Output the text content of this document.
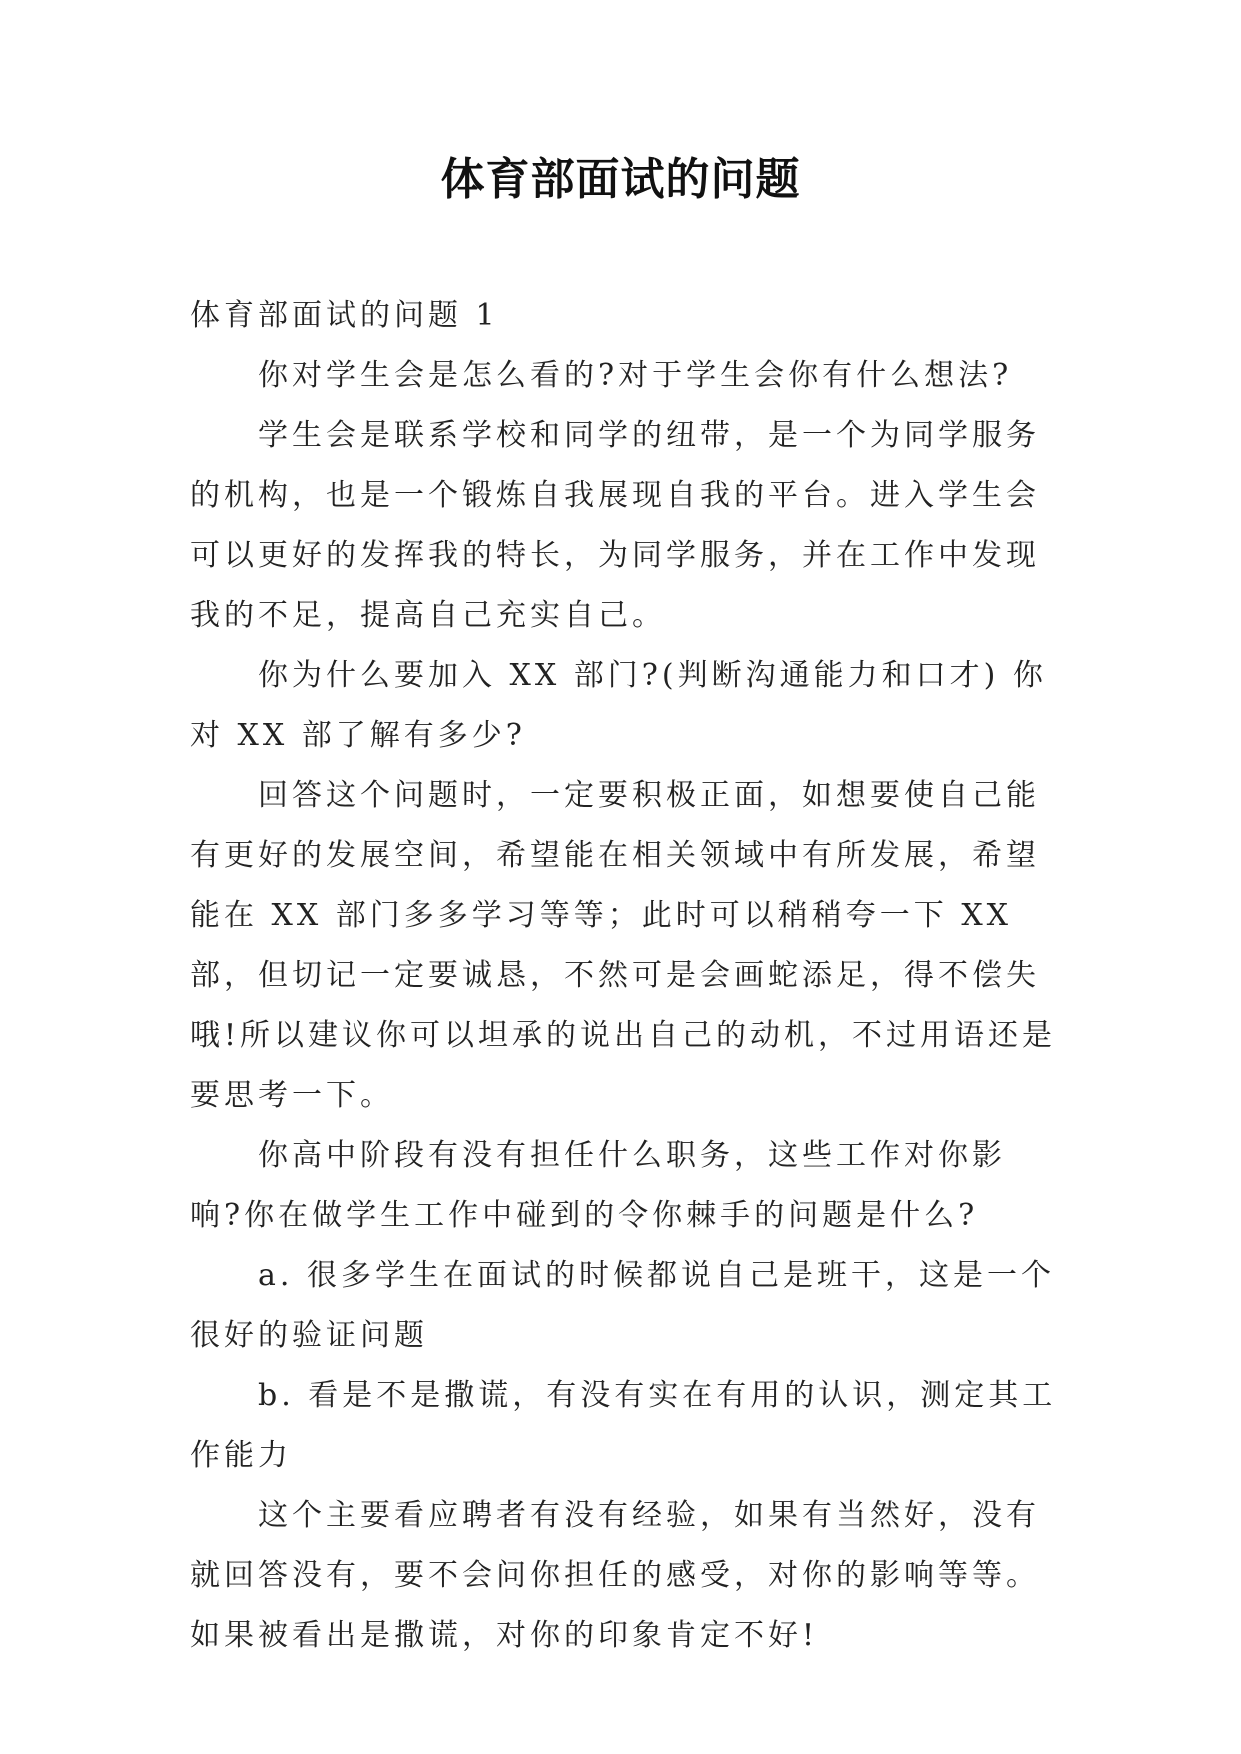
体育部面试的问题

体育部面试的问题 1

你对学生会是怎么看的?对于学生会你有什么想法?

学生会是联系学校和同学的纽带，是一个为同学服务的机构，也是一个锻炼自我展现自我的平台。进入学生会可以更好的发挥我的特长，为同学服务，并在工作中发现我的不足，提高自己充实自己。

你为什么要加入 XX 部门?(判断沟通能力和口才) 你对 XX 部了解有多少?

回答这个问题时，一定要积极正面，如想要使自己能有更好的发展空间，希望能在相关领域中有所发展，希望能在 XX 部门多多学习等等；此时可以稍稍夸一下 XX 部，但切记一定要诚恳，不然可是会画蛇添足，得不偿失哦!所以建议你可以坦承的说出自己的动机，不过用语还是要思考一下。

你高中阶段有没有担任什么职务，这些工作对你影响?你在做学生工作中碰到的令你棘手的问题是什么?

a. 很多学生在面试的时候都说自己是班干，这是一个很好的验证问题

b. 看是不是撒谎，有没有实在有用的认识，测定其工作能力

这个主要看应聘者有没有经验，如果有当然好，没有就回答没有，要不会问你担任的感受，对你的影响等等。如果被看出是撒谎，对你的印象肯定不好!
